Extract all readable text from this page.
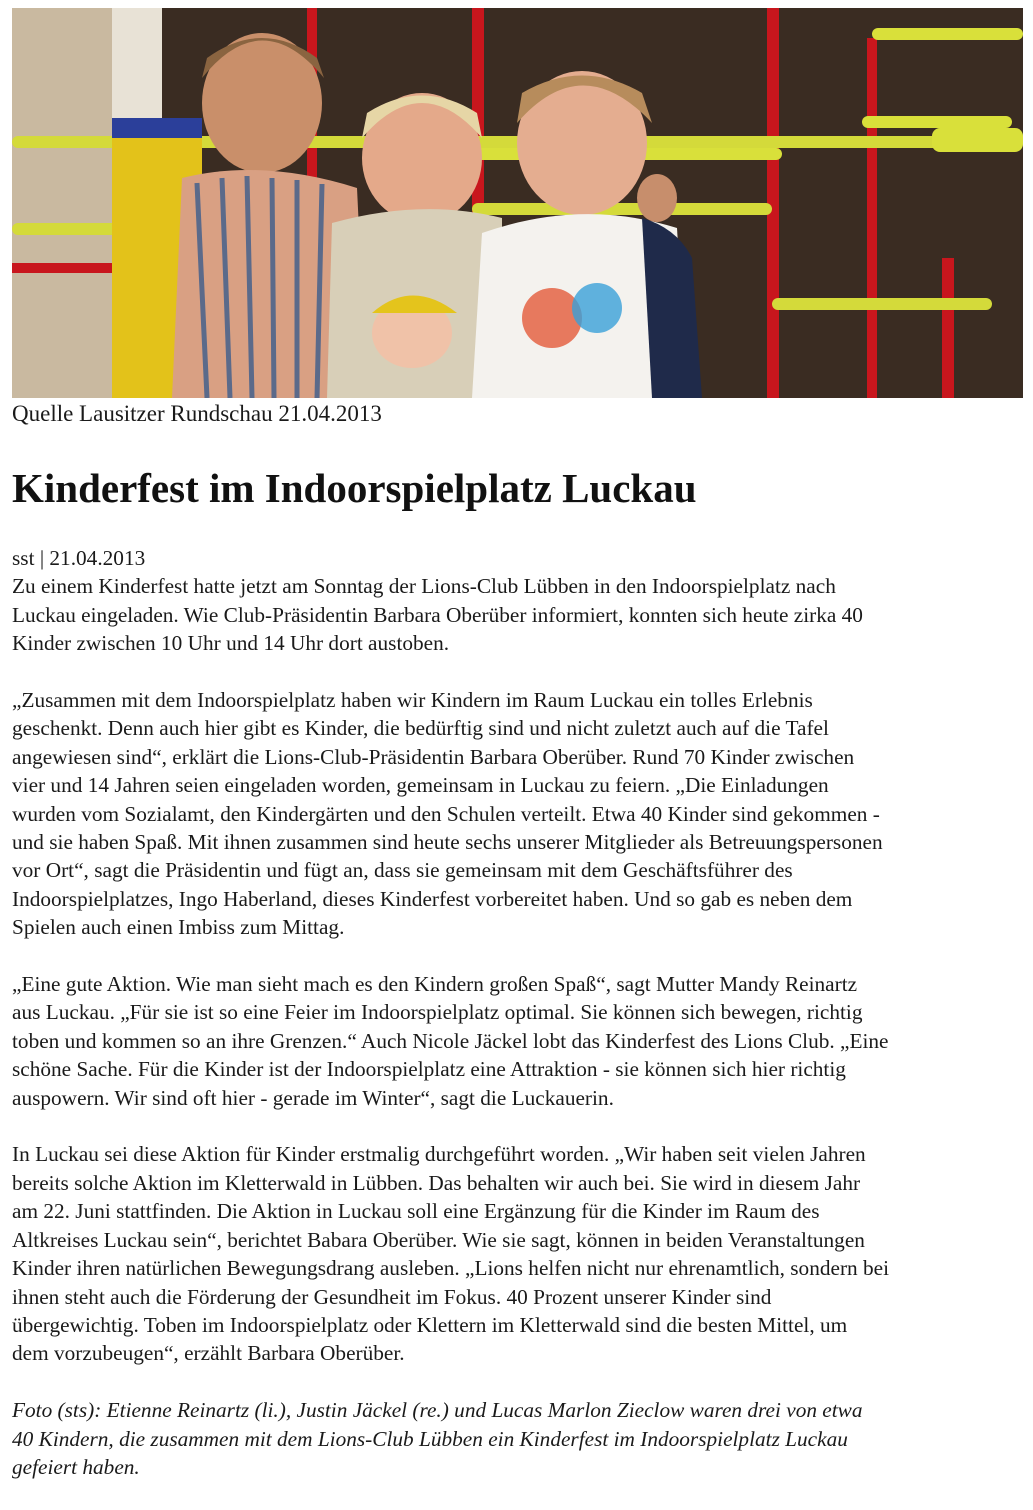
Quelle Lausitzer Rundschau 21.04.2013
Kinderfest im Indoorspielplatz Luckau

sst | 21.04.2013
Zu einem Kinderfest hatte jetzt am Sonntag der Lions-Club Lübben in den Indoorspielplatz nach
Luckau eingeladen. Wie Club-Präsidentin Barbara Oberüber informiert, konnten sich heute zirka 40
Kinder zwischen 10 Uhr und 14 Uhr dort austoben.

„Zusammen mit dem Indoorspielplatz haben wir Kindern im Raum Luckau ein tolles Erlebnis
geschenkt. Denn auch hier gibt es Kinder, die bedürftig sind und nicht zuletzt auch auf die Tafel
angewiesen sind“, erklärt die Lions-Club-Präsidentin Barbara Oberüber. Rund 70 Kinder zwischen
vier und 14 Jahren seien eingeladen worden, gemeinsam in Luckau zu feiern. „Die Einladungen
wurden vom Sozialamt, den Kindergärten und den Schulen verteilt. Etwa 40 Kinder sind gekommen -
und sie haben Spaß. Mit ihnen zusammen sind heute sechs unserer Mitglieder als Betreuungspersonen
vor Ort“, sagt die Präsidentin und fügt an, dass sie gemeinsam mit dem Geschäftsführer des
Indoorspielplatzes, Ingo Haberland, dieses Kinderfest vorbereitet haben. Und so gab es neben dem
Spielen auch einen Imbiss zum Mittag.

„Eine gute Aktion. Wie man sieht mach es den Kindern großen Spaß“, sagt Mutter Mandy Reinartz
aus Luckau. „Für sie ist so eine Feier im Indoorspielplatz optimal. Sie können sich bewegen, richtig
toben und kommen so an ihre Grenzen.“ Auch Nicole Jäckel lobt das Kinderfest des Lions Club. „Eine
schöne Sache. Für die Kinder ist der Indoorspielplatz eine Attraktion - sie können sich hier richtig
auspowern. Wir sind oft hier - gerade im Winter“, sagt die Luckauerin.

In Luckau sei diese Aktion für Kinder erstmalig durchgeführt worden. „Wir haben seit vielen Jahren
bereits solche Aktion im Kletterwald in Lübben. Das behalten wir auch bei. Sie wird in diesem Jahr
am 22. Juni stattfinden. Die Aktion in Luckau soll eine Ergänzung für die Kinder im Raum des
Altkreises Luckau sein“, berichtet Babara Oberüber. Wie sie sagt, können in beiden Veranstaltungen
Kinder ihren natürlichen Bewegungsdrang ausleben. „Lions helfen nicht nur ehrenamtlich, sondern bei
ihnen steht auch die Förderung der Gesundheit im Fokus. 40 Prozent unserer Kinder sind
übergewichtig. Toben im Indoorspielplatz oder Klettern im Kletterwald sind die besten Mittel, um
dem vorzubeugen“, erzählt Barbara Oberüber.

Foto (sts): Etienne Reinartz (li.), Justin Jäckel (re.) und Lucas Marlon Zieclow waren drei von etwa
40 Kindern, die zusammen mit dem Lions-Club Lübben ein Kinderfest im Indoorspielplatz Luckau
gefeiert haben.
